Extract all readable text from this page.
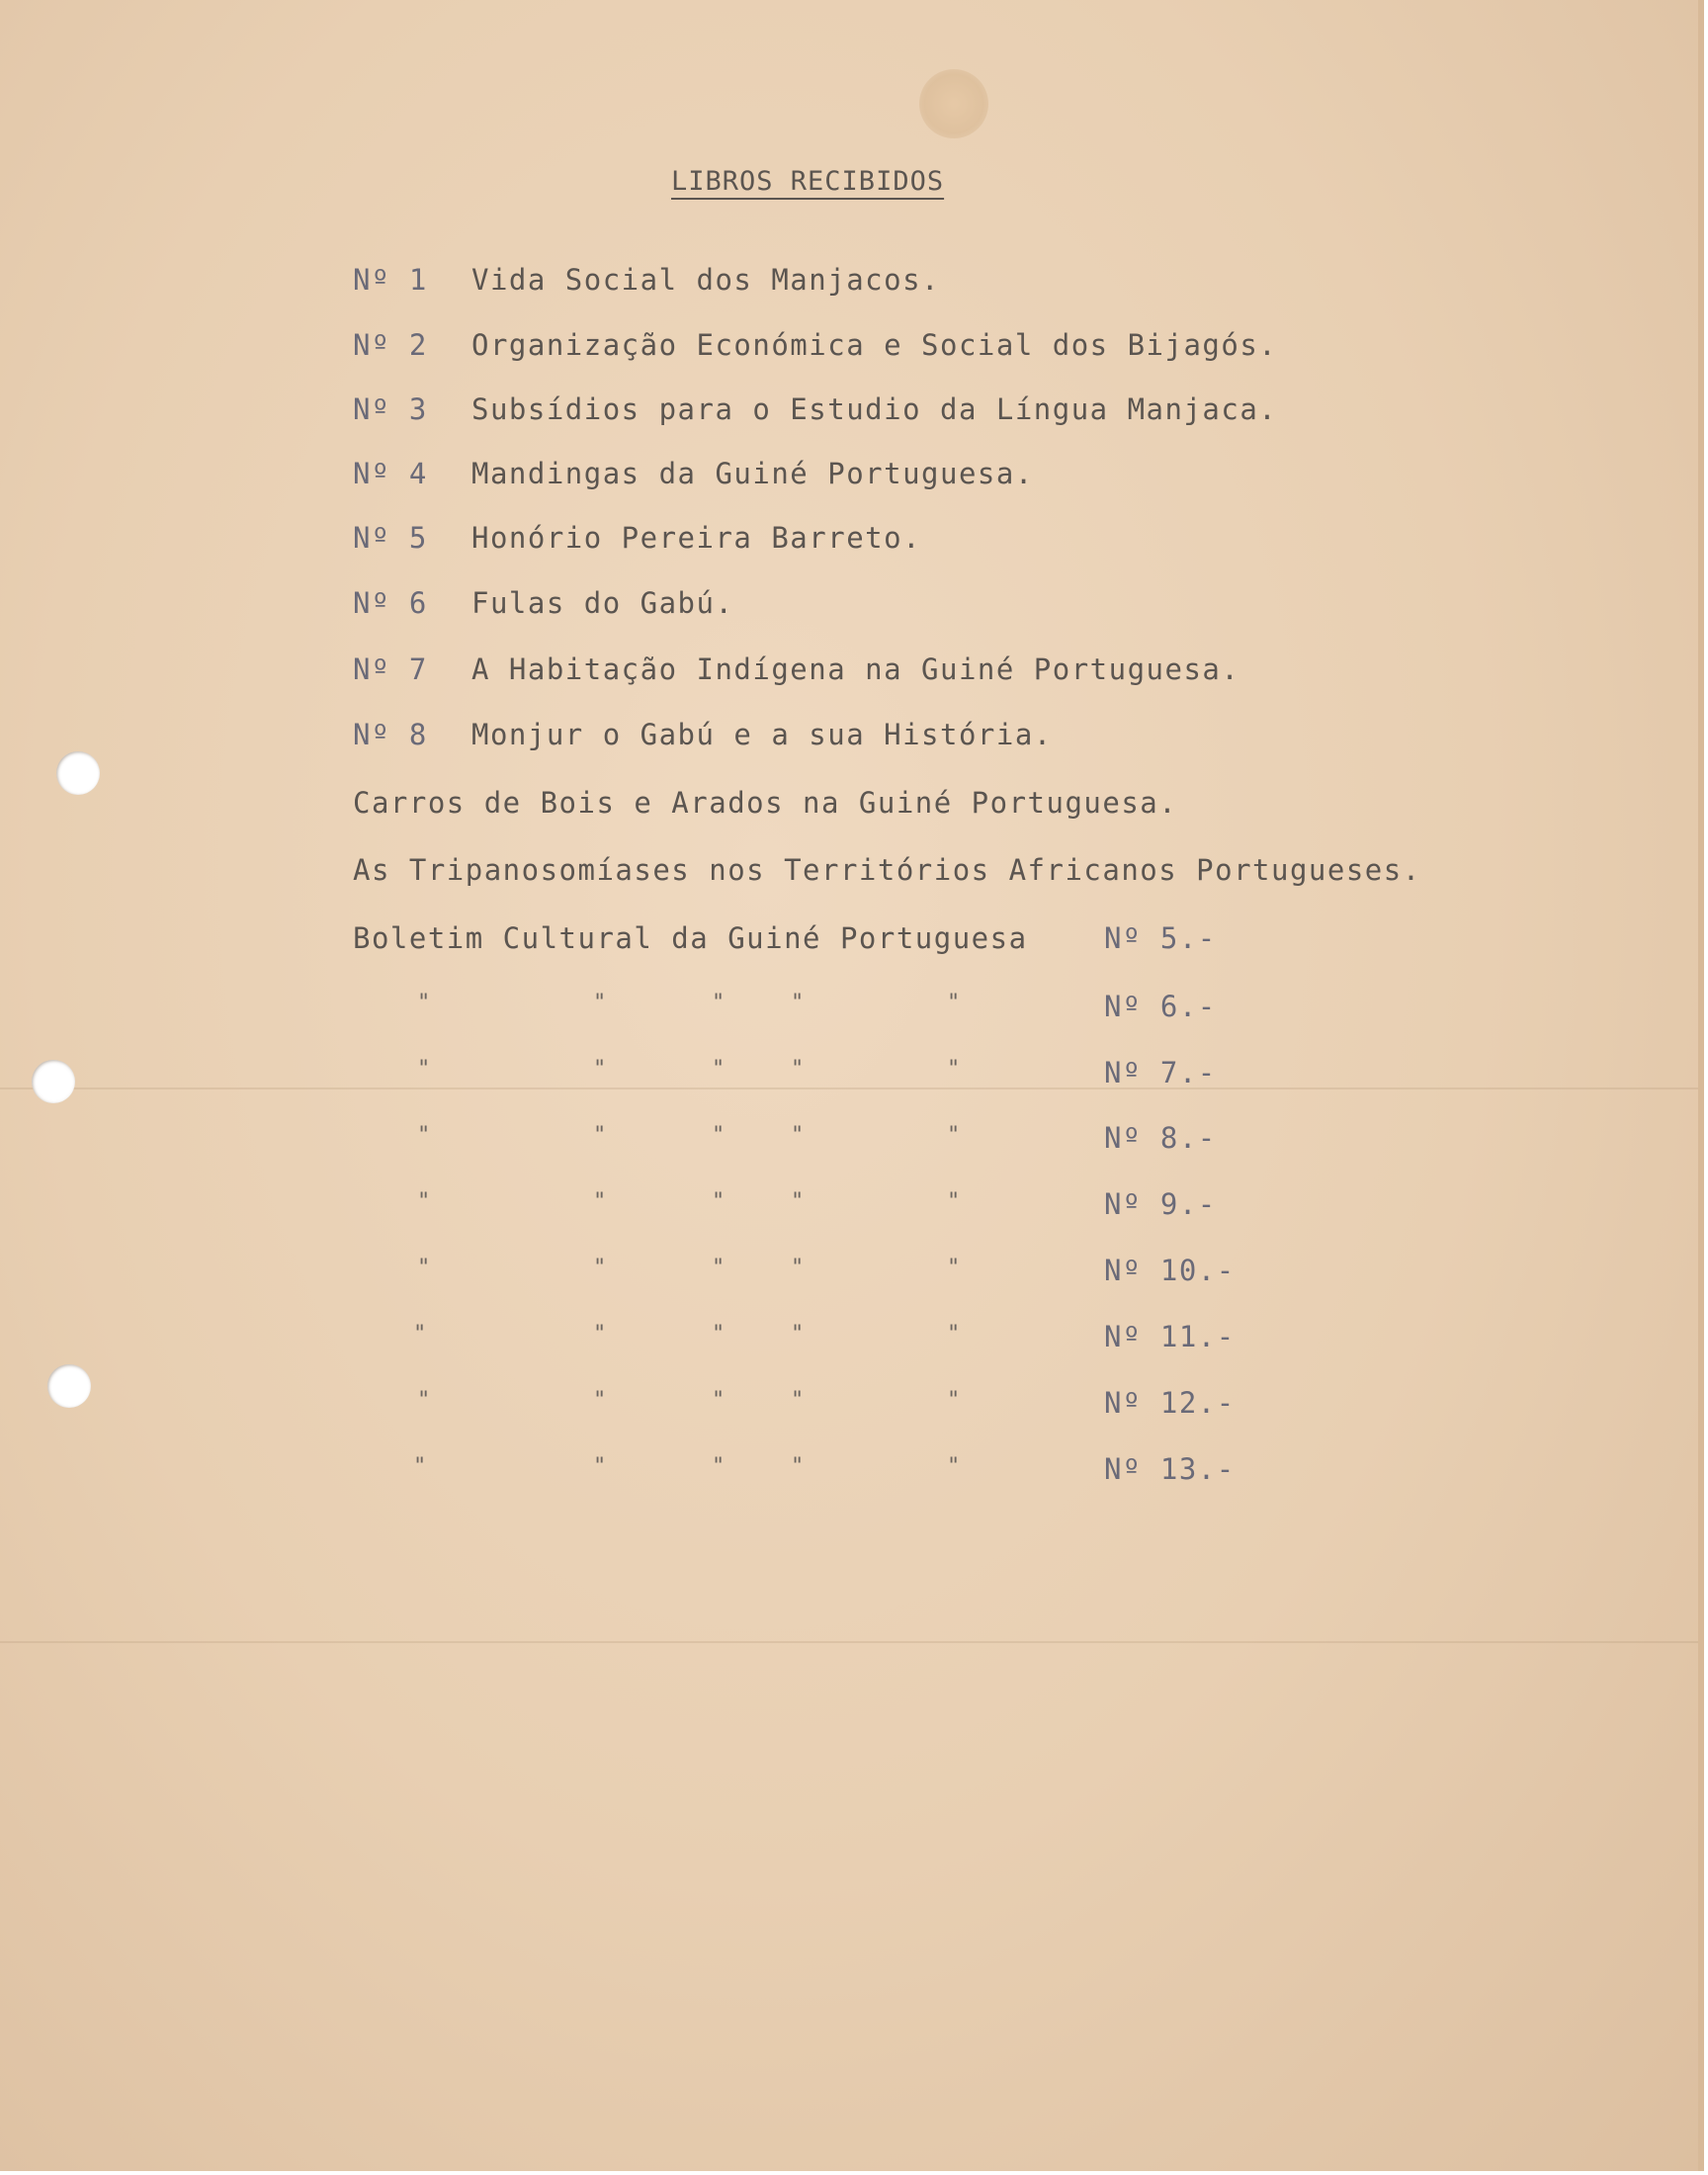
LIBROS RECIBIDOS
Nº 1 Vida Social dos Manjacos.
Nº 2 Organização Económica e Social dos Bijagós.
Nº 3 Subsídios para o Estudio da Língua Manjaca.
Nº 4 Mandingas da Guiné Portuguesa.
Nº 5 Honório Pereira Barreto.
Nº 6 Fulas do Gabú.
Nº 7 A Habitação Indígena na Guiné Portuguesa.
Nº 8 Monjur o Gabú e a sua História.
Carros de Bois e Arados na Guiné Portuguesa.
As Tripanosomíases nos Territórios Africanos Portugueses.
Boletim Cultural da Guiné Portuguesa	Nº 5.-
"	"	"	"	"	Nº 6.-
"	"	"	"	"	Nº 7.-
"	"	"	"	"	Nº 8.-
"	"	"	"	"	Nº 9.-
"	"	"	"	"	Nº 10.-
"	"	"	"	"	Nº 11.-
"	"	"	"	"	Nº 12.-
"	"	"	"	"	Nº 13.-
